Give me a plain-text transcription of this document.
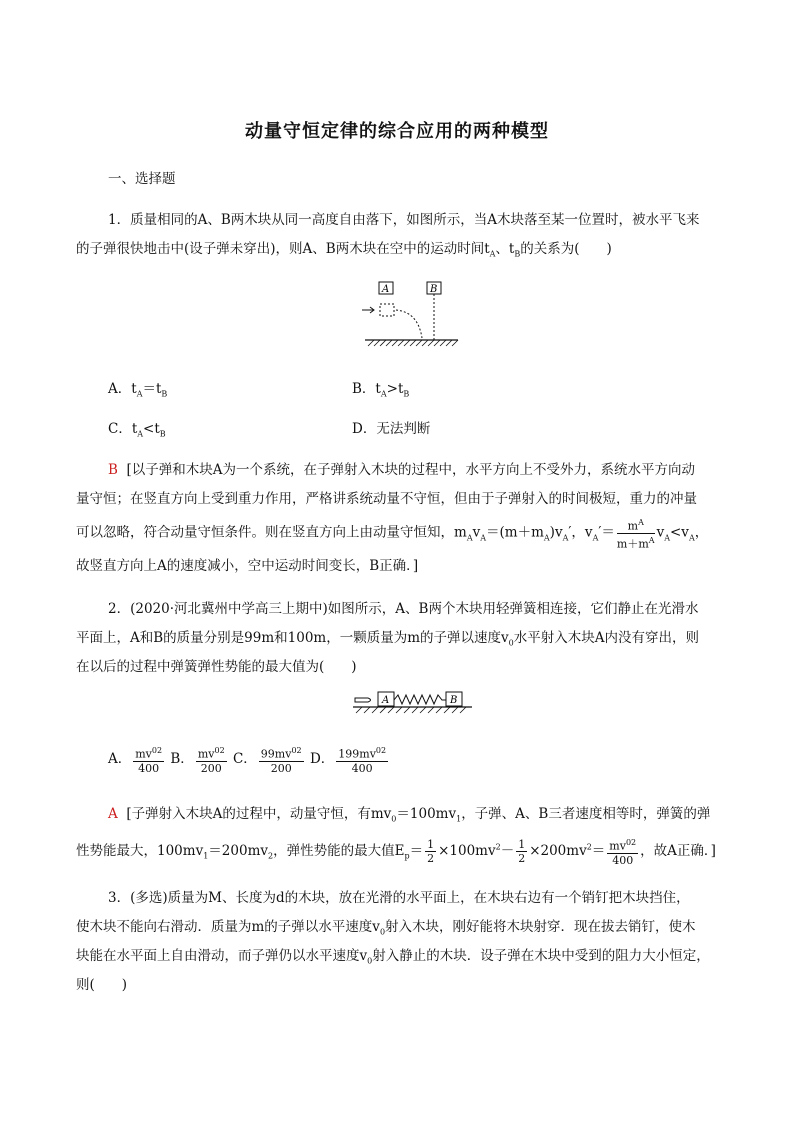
动量守恒定律的综合应用的两种模型
一、选择题
1．质量相同的A、B两木块从同一高度自由落下，如图所示，当A木块落至某一位置时，被水平飞来
的子弹很快地击中(设子弹未穿出)，则A、B两木块在空中的运动时间$t_A$、$t_B$的关系为(　　)
A	B
A．$t_A=t_B$	B．$t_A>t_B$
C．$t_A<t_B$	D．无法判断
B [以子弹和木块A为一个系统，在子弹射入木块的过程中，水平方向上不受外力，系统水平方向动
量守恒；在竖直方向上受到重力作用，严格讲系统动量不守恒，但由于子弹射入的时间极短，重力的冲量
可以忽略，符合动量守恒条件。则在竖直方向上由动量守恒知，$m_Av_A=(m+m_A)v_A'$，$v_A'= \frac{m^A}{m+m^A} v_A<v_A$，
故竖直方向上A的速度减小，空中运动时间变长，B正确．]
2．(2020·河北冀州中学高三上期中)如图所示，A、B两个木块用轻弹簧相连接，它们静止在光滑水
平面上，A和B的质量分别是99m和100m，一颗质量为m的子弹以速度$v_0$水平射入木块A内没有穿出，则
在以后的过程中弹簧弹性势能的最大值为(　　)
A	B
A． $\frac{mv^{02}}{400}$ B． $\frac{mv^{02}}{200}$ C． $\frac{99mv^{02}}{200}$ D． $\frac{199mv^{02}}{400}$
A [子弹射入木块A的过程中，动量守恒，有$mv_0=100mv_1$，子弹、A、B三者速度相等时，弹簧的弹
性势能最大，$100mv_1=200mv_2$，弹性势能的最大值$E_p= \frac{1}{2} \times 100mv^2- \frac{1}{2} \times 200mv^2= \frac{mv^{02}}{400}$ ，故A正确．]
3．(多选)质量为M、长度为d的木块，放在光滑的水平面上，在木块右边有一个销钉把木块挡住，
使木块不能向右滑动．质量为m的子弹以水平速度$v_0$射入木块，刚好能将木块射穿．现在拔去销钉，使木
块能在水平面上自由滑动，而子弹仍以水平速度$v_0$射入静止的木块．设子弹在木块中受到的阻力大小恒定，
则(　　)
